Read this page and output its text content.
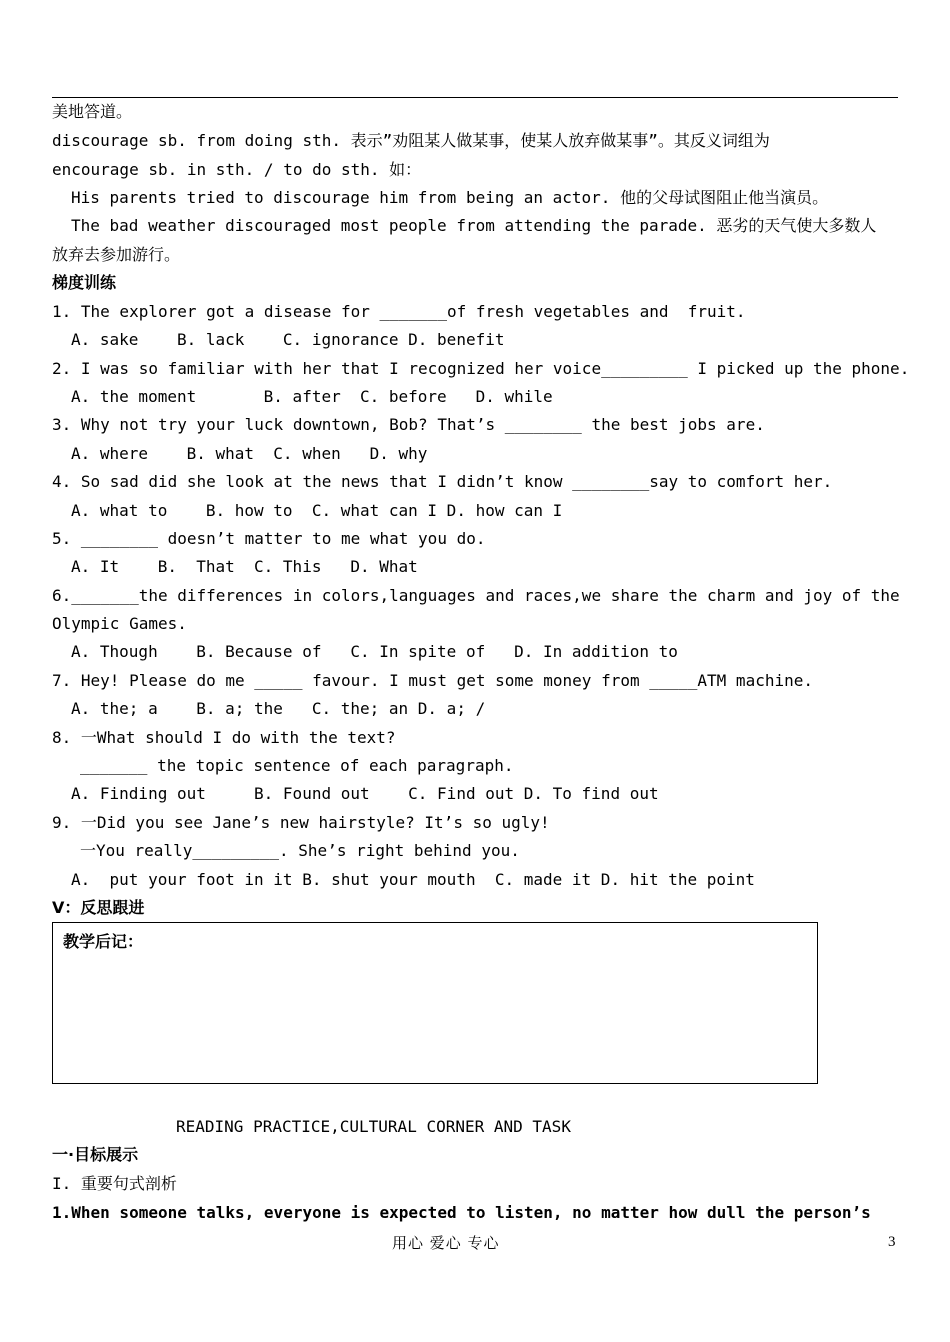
美地答道。
discourage sb. from doing sth. 表示”劝阻某人做某事，使某人放弃做某事”。其反义词组为
encourage sb. in sth. / to do sth. 如：
His parents tried to discourage him from being an actor. 他的父母试图阻止他当演员。
The bad weather discouraged most people from attending the parade. 恶劣的天气使大多数人
放弃去参加游行。
梯度训练
1. The explorer got a disease for _______of fresh vegetables and  fruit.
A. sake    B. lack    C. ignorance D. benefit
2. I was so familiar with her that I recognized her voice_________ I picked up the phone.
A. the moment       B. after  C. before   D. while
3. Why not try your luck downtown, Bob? That’s ________ the best jobs are.
A. where    B. what  C. when   D. why
4. So sad did she look at the news that I didn’t know ________say to comfort her.
A. what to    B. how to  C. what can I D. how can I
5. ________ doesn’t matter to me what you do.
A. It    B.  That  C. This   D. What
6._______the differences in colors,languages and races,we share the charm and joy of the
Olympic Games.
A. Though    B. Because of   C. In spite of   D. In addition to
7. Hey! Please do me _____ favour. I must get some money from _____ATM machine.
A. the; a    B. a; the   C. the; an D. a; /
8. 一What should I do with the text?
_______ the topic sentence of each paragraph.
A. Finding out     B. Found out    C. Find out D. To find out
9. 一Did you see Jane’s new hairstyle? It’s so ugly!
一You really_________. She’s right behind you.
A.  put your foot in it B. shut your mouth  C. made it D. hit the point
V：反思跟进
教学后记：
READING PRACTICE,CULTURAL CORNER AND TASK
一·目标展示
I. 重要句式剖析
1.When someone talks, everyone is expected to listen, no matter how dull the person’s
用心 爱心 专心	3
